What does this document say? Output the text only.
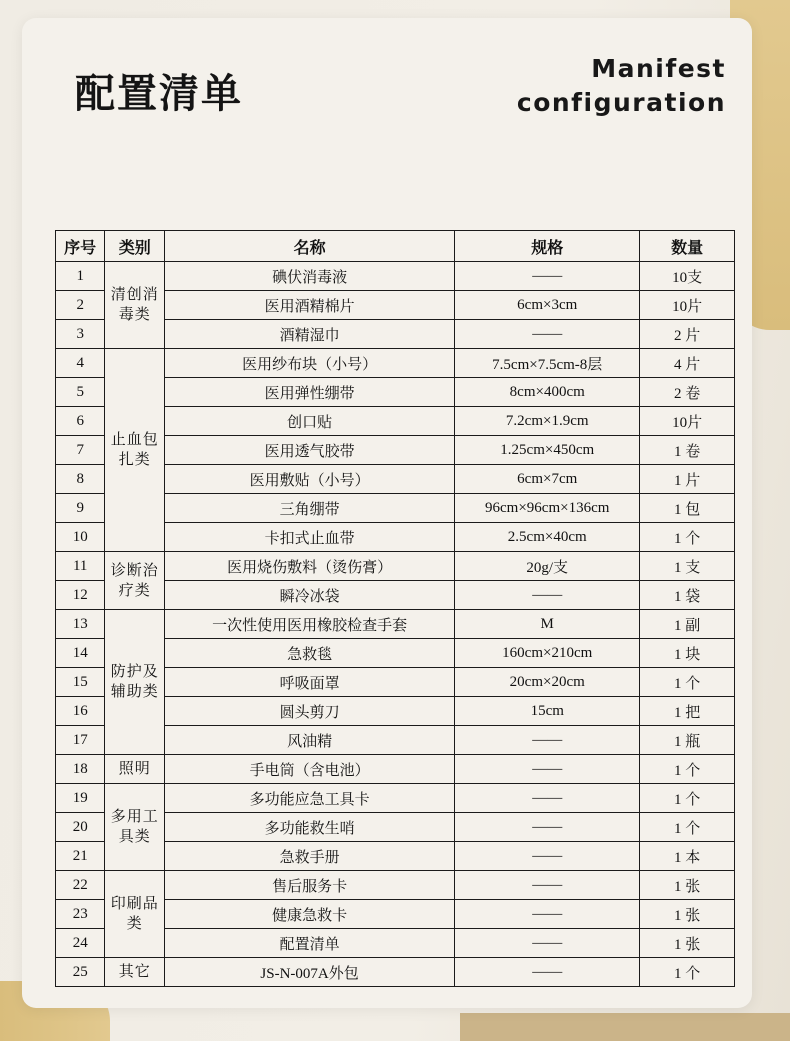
配置清单
Manifest
configuration
序号	类别	名称	规格	数量
1	清创消毒类	碘伏消毒液	——	10支
2		医用酒精棉片	6cm×3cm	10片
3		酒精湿巾	——	2 片
4	止血包扎类	医用纱布块（小号）	7.5cm×7.5cm-8层	4 片
5		医用弹性绷带	8cm×400cm	2 卷
6		创口贴	7.2cm×1.9cm	10片
7		医用透气胶带	1.25cm×450cm	1 卷
8		医用敷贴（小号）	6cm×7cm	1 片
9		三角绷带	96cm×96cm×136cm	1 包
10		卡扣式止血带	2.5cm×40cm	1 个
11	诊断治疗类	医用烧伤敷料（烫伤膏）	20g/支	1 支
12		瞬冷冰袋	——	1 袋
13	防护及辅助类	一次性使用医用橡胶检查手套	M	1 副
14		急救毯	160cm×210cm	1 块
15		呼吸面罩	20cm×20cm	1 个
16		圆头剪刀	15cm	1 把
17		风油精	——	1 瓶
18	照明	手电筒（含电池）	——	1 个
19	多用工具类	多功能应急工具卡	——	1 个
20		多功能救生哨	——	1 个
21		急救手册	——	1 本
22	印刷品类	售后服务卡	——	1 张
23		健康急救卡	——	1 张
24		配置清单	——	1 张
25	其它	JS-N-007A外包	——	1 个
